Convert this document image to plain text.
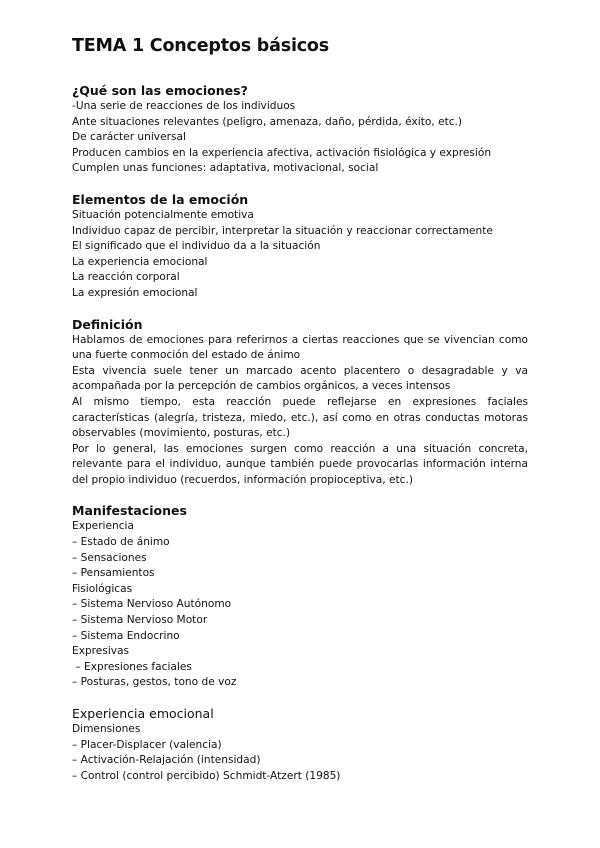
TEMA 1 Conceptos básicos
¿Qué son las emociones?
-Una serie de reacciones de los individuos
Ante situaciones relevantes (peligro, amenaza, daño, pérdida, éxito, etc.)
De carácter universal
Producen cambios en la experiencia afectiva, activación fisiológica y expresión
Cumplen unas funciones: adaptativa, motivacional, social
Elementos de la emoción
Situación potencialmente emotiva
Individuo capaz de percibir, interpretar la situación y reaccionar correctamente
El significado que el individuo da a la situación
La experiencia emocional
La reacción corporal
La expresión emocional
Definición
Hablamos de emociones para referirnos a ciertas reacciones que se vivencian como una fuerte conmoción del estado de ánimo
Esta vivencia suele tener un marcado acento placentero o desagradable y va acompañada por la percepción de cambios orgánicos, a veces intensos
Al mismo tiempo, esta reacción puede reflejarse en expresiones faciales características (alegría, tristeza, miedo, etc.), así como en otras conductas motoras observables (movimiento, posturas, etc.)
Por lo general, las emociones surgen como reacción a una situación concreta, relevante para el individuo, aunque también puede provocarlas información interna del propio individuo (recuerdos, información propioceptiva, etc.)
Manifestaciones
Experiencia
– Estado de ánimo
– Sensaciones
– Pensamientos
Fisiológicas
– Sistema Nervioso Autónomo
– Sistema Nervioso Motor
– Sistema Endocrino
Expresivas
– Expresiones faciales
– Posturas, gestos, tono de voz
Experiencia emocional
Dimensiones
– Placer-Displacer (valencia)
– Activación-Relajación (intensidad)
– Control (control percibido) Schmidt-Atzert (1985)
